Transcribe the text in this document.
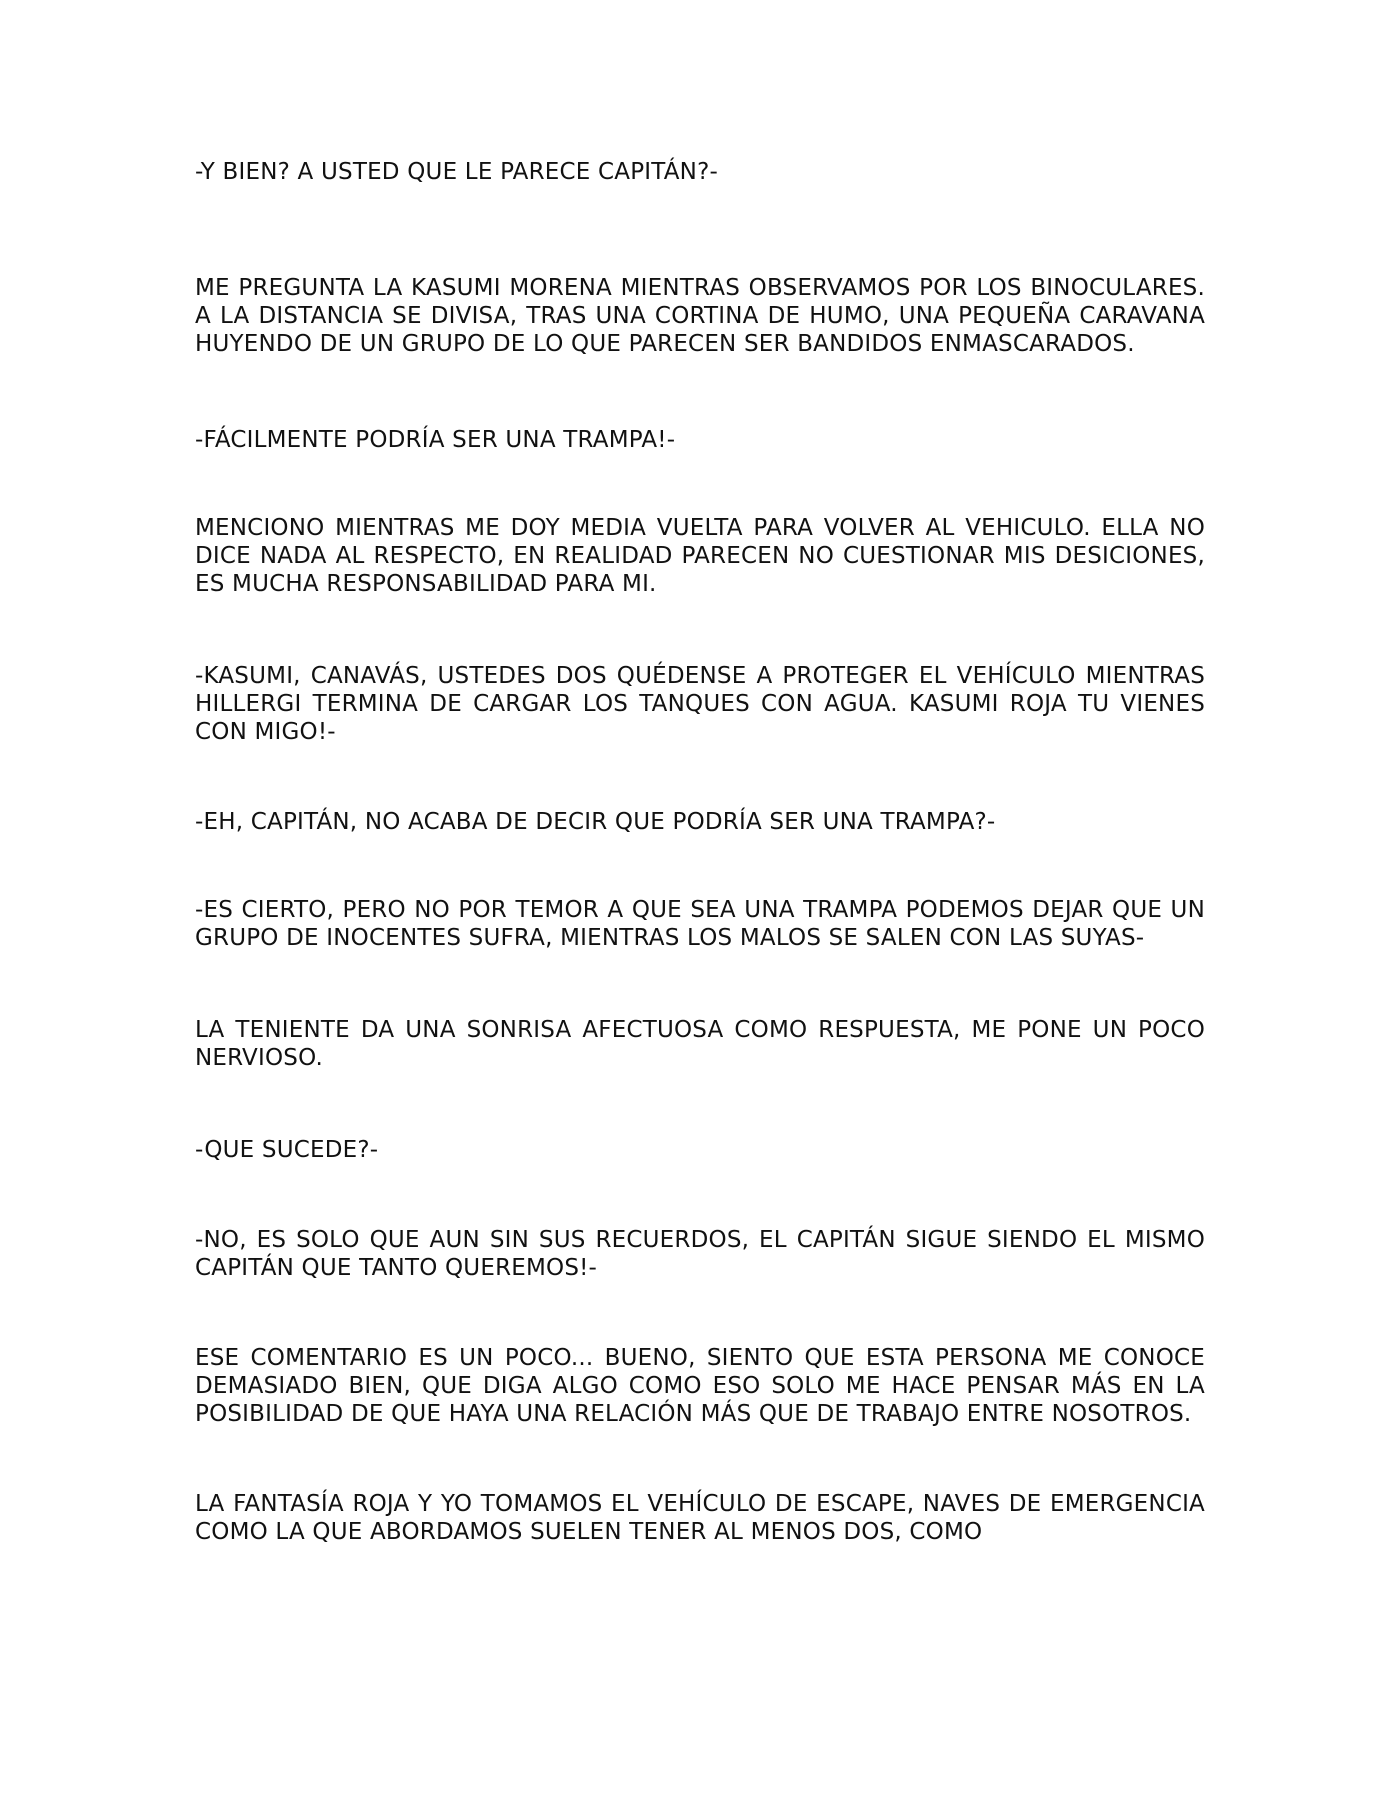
-Y BIEN? A USTED QUE LE PARECE CAPITÁN?-

ME PREGUNTA LA KASUMI MORENA MIENTRAS OBSERVAMOS POR LOS BINOCULARES. A LA DISTANCIA SE DIVISA, TRAS UNA CORTINA DE HUMO, UNA PEQUEÑA CARAVANA HUYENDO DE UN GRUPO DE LO QUE PARECEN SER BANDIDOS ENMASCARADOS.

-FÁCILMENTE PODRÍA SER UNA TRAMPA!-

MENCIONO MIENTRAS ME DOY MEDIA VUELTA PARA VOLVER AL VEHICULO. ELLA NO DICE NADA AL RESPECTO, EN REALIDAD PARECEN NO CUESTIONAR MIS DESICIONES, ES MUCHA RESPONSABILIDAD PARA MI.

-KASUMI, CANAVÁS, USTEDES DOS QUÉDENSE A PROTEGER EL VEHÍCULO MIENTRAS HILLERGI TERMINA DE CARGAR LOS TANQUES CON AGUA. KASUMI ROJA TU VIENES CON MIGO!-

-EH, CAPITÁN, NO ACABA DE DECIR QUE PODRÍA SER UNA TRAMPA?-

-ES CIERTO, PERO NO POR TEMOR A QUE SEA UNA TRAMPA PODEMOS DEJAR QUE UN GRUPO DE INOCENTES SUFRA, MIENTRAS LOS MALOS SE SALEN CON LAS SUYAS-

LA TENIENTE DA UNA SONRISA AFECTUOSA COMO RESPUESTA, ME PONE UN POCO NERVIOSO.

-QUE SUCEDE?-

-NO, ES SOLO QUE AUN SIN SUS RECUERDOS, EL CAPITÁN SIGUE SIENDO EL MISMO CAPITÁN QUE TANTO QUEREMOS!-

ESE COMENTARIO ES UN POCO... BUENO, SIENTO QUE ESTA PERSONA ME CONOCE DEMASIADO BIEN, QUE DIGA ALGO COMO ESO SOLO ME HACE PENSAR MÁS EN LA POSIBILIDAD DE QUE HAYA UNA RELACIÓN MÁS QUE DE TRABAJO ENTRE NOSOTROS.

LA FANTASÍA ROJA Y YO TOMAMOS EL VEHÍCULO DE ESCAPE, NAVES DE EMERGENCIA COMO LA QUE ABORDAMOS SUELEN TENER AL MENOS DOS, COMO
